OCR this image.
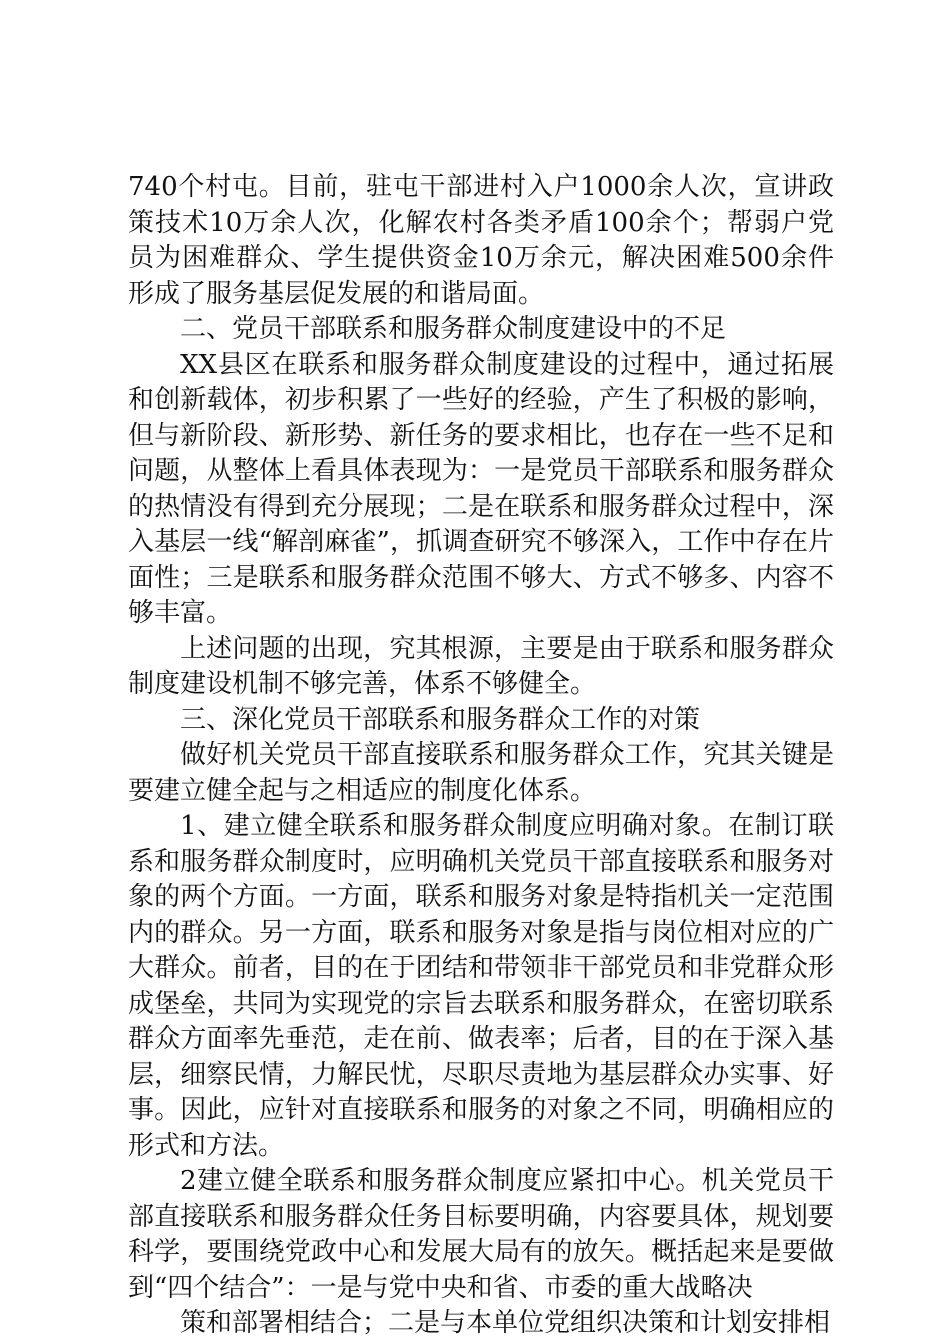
740个村屯。目前，驻屯干部进村入户1000余人次，宣讲政策技术10万余人次，化解农村各类矛盾100余个；帮弱户党员为困难群众、学生提供资金10万余元，解决困难500余件形成了服务基层促发展的和谐局面。

二、党员干部联系和服务群众制度建设中的不足

XX县区在联系和服务群众制度建设的过程中，通过拓展和创新载体，初步积累了一些好的经验，产生了积极的影响，但与新阶段、新形势、新任务的要求相比，也存在一些不足和问题，从整体上看具体表现为：一是党员干部联系和服务群众的热情没有得到充分展现；二是在联系和服务群众过程中，深入基层一线“解剖麻雀”，抓调查研究不够深入，工作中存在片面性；三是联系和服务群众范围不够大、方式不够多、内容不够丰富。

上述问题的出现，究其根源，主要是由于联系和服务群众制度建设机制不够完善，体系不够健全。

三、深化党员干部联系和服务群众工作的对策

做好机关党员干部直接联系和服务群众工作，究其关键是要建立健全起与之相适应的制度化体系。

1、建立健全联系和服务群众制度应明确对象。在制订联系和服务群众制度时，应明确机关党员干部直接联系和服务对象的两个方面。一方面，联系和服务对象是特指机关一定范围内的群众。另一方面，联系和服务对象是指与岗位相对应的广大群众。前者，目的在于团结和带领非干部党员和非党群众形成堡垒，共同为实现党的宗旨去联系和服务群众，在密切联系群众方面率先垂范，走在前、做表率；后者，目的在于深入基层，细察民情，力解民忧，尽职尽责地为基层群众办实事、好事。因此，应针对直接联系和服务的对象之不同，明确相应的形式和方法。

2建立健全联系和服务群众制度应紧扣中心。机关党员干部直接联系和服务群众任务目标要明确，内容要具体，规划要科学，要围绕党政中心和发展大局有的放矢。概括起来是要做到“四个结合”：一是与党中央和省、市委的重大战略决

策和部署相结合；二是与本单位党组织决策和计划安排相
